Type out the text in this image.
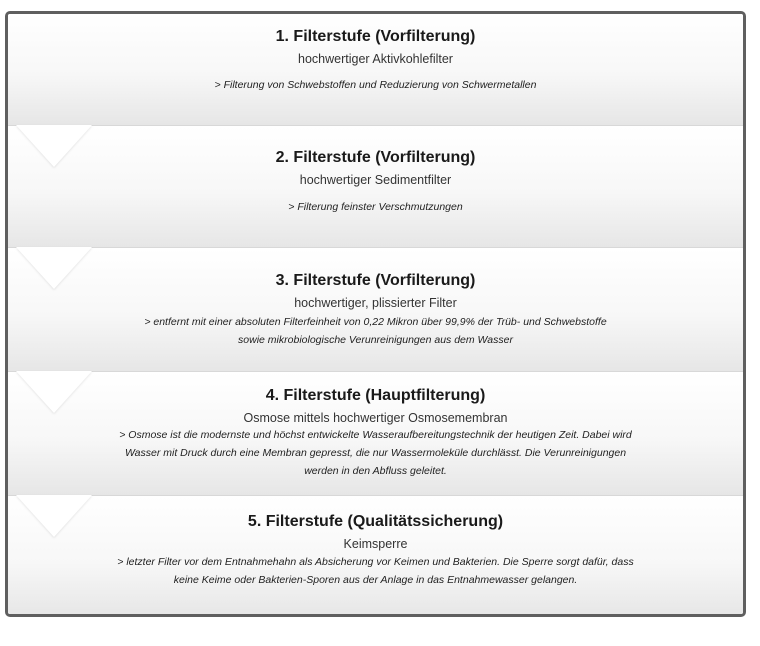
1. Filterstufe (Vorfilterung)
hochwertiger Aktivkohlefilter
> Filterung von Schwebstoffen und Reduzierung von Schwermetallen
2. Filterstufe (Vorfilterung)
hochwertiger Sedimentfilter
> Filterung feinster Verschmutzungen
3. Filterstufe (Vorfilterung)
hochwertiger, plissierter Filter
> entfernt mit einer absoluten Filterfeinheit von 0,22 Mikron über 99,9% der Trüb- und Schwebstoffe
sowie mikrobiologische Verunreinigungen aus dem Wasser
4. Filterstufe (Hauptfilterung)
Osmose mittels hochwertiger Osmosemembran
> Osmose ist die modernste und höchst entwickelte Wasseraufbereitungstechnik der heutigen Zeit. Dabei wird
Wasser mit Druck durch eine Membran gepresst, die nur Wassermoleküle durchlässt. Die Verunreinigungen
werden in den Abfluss geleitet.
5. Filterstufe (Qualitätssicherung)
Keimsperre
> letzter Filter vor dem Entnahmehahn als Absicherung vor Keimen und Bakterien. Die Sperre sorgt dafür, dass
keine Keime oder Bakterien-Sporen aus der Anlage in das Entnahmewasser gelangen.
